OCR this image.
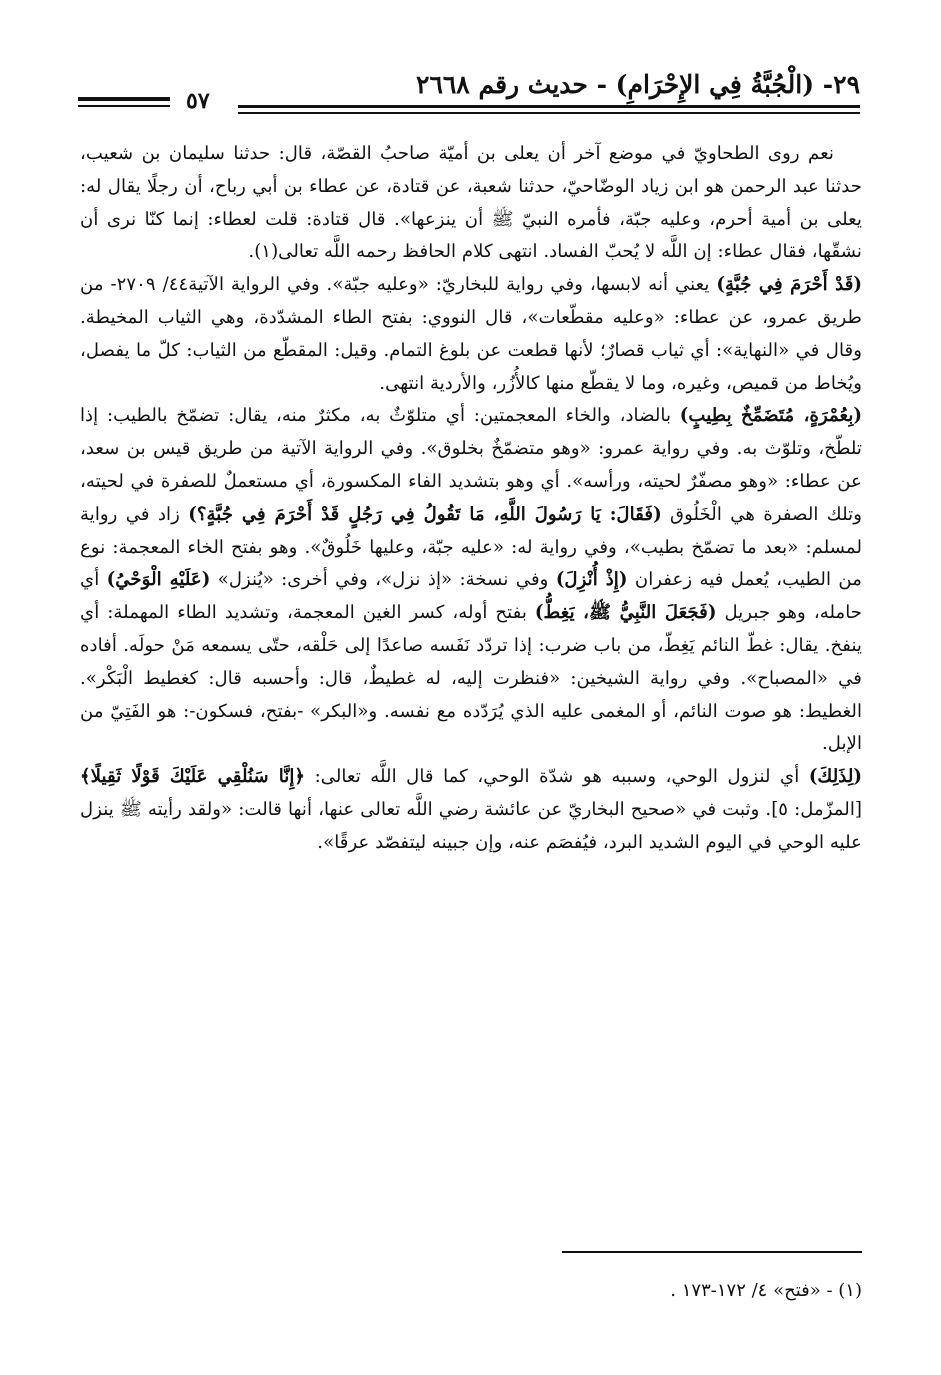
٢٩- (الْجُبَّةُ فِي الإِحْرَامِ) - حديث رقم ٢٦٦٨
٥٧

نعم روى الطحاويّ في موضع آخر أن يعلى بن أميّة صاحبُ القصّة، قال: حدثنا سليمان بن شعيب، حدثنا عبد الرحمن هو ابن زياد الوضّاحيّ، حدثنا شعبة، عن قتادة، عن عطاء بن أبي رباح، أن رجلًا يقال له: يعلى بن أمية أحرم، وعليه جبّة، فأمره النبيّ ﷺ أن ينزعها». قال قتادة: قلت لعطاء: إنما كنّا نرى أن نشقّها، فقال عطاء: إن اللَّه لا يُحبّ الفساد. انتهى كلام الحافظ رحمه اللَّه تعالى(١).

(قَدْ أَحْرَمَ فِي جُبَّةٍ) يعني أنه لابسها، وفي رواية للبخاريّ: «وعليه جبّة». وفي الرواية الآتية٤٤/ ٢٧٠٩- من طريق عمرو، عن عطاء: «وعليه مقطّعات»، قال النووي: بفتح الطاء المشدّدة، وهي الثياب المخيطة. وقال في «النهاية»: أي ثياب قصارٌ؛ لأنها قطعت عن بلوغ التمام. وقيل: المقطّع من الثياب: كلّ ما يفصل، ويُخاط من قميص، وغيره، وما لا يقطّع منها كالأُزُر، والأردية انتهى.

(بِعُمْرَةٍ، مُتَضَمِّخٌ بِطِيبٍ) بالضاد، والخاء المعجمتين: أي متلوّثٌ به، مكثرٌ منه، يقال: تضمّخ بالطيب: إذا تلطّخ، وتلوّث به. وفي رواية عمرو: «وهو متضمّخٌ بخلوق». وفي الرواية الآتية من طريق قيس بن سعد، عن عطاء: «وهو مصفّرٌ لحيته، ورأسه». أي وهو بتشديد الفاء المكسورة، أي مستعملٌ للصفرة في لحيته، وتلك الصفرة هي الْخَلُوق (فَقَالَ: يَا رَسُولَ اللَّهِ، مَا تَقُولُ فِي رَجُلٍ قَدْ أَحْرَمَ فِي جُبَّةٍ؟) زاد في رواية لمسلم: «بعد ما تضمّخ بطيب»، وفي رواية له: «عليه جبّة، وعليها خَلُوقٌ». وهو بفتح الخاء المعجمة: نوع من الطيب، يُعمل فيه زعفران (إِذْ أُنْزِلَ) وفي نسخة: «إذ نزل»، وفي أخرى: «يُنزل» (عَلَيْهِ الْوَحْيُ) أي حامله، وهو جبريل (فَجَعَلَ النَّبِيُّ ﷺ، يَغِطُّ) بفتح أوله، كسر الغين المعجمة، وتشديد الطاء المهملة: أي ينفخ. يقال: غطّ النائم يَغِطّ، من باب ضرب: إذا تردّد نَفَسه صاعدًا إلى حَلْقه، حتّى يسمعه مَنْ حولَه. أفاده في «المصباح». وفي رواية الشيخين: «فنظرت إليه، له غطيطٌ، قال: وأحسبه قال: كغطيط الْبَكْر». الغطيط: هو صوت النائم، أو المغمى عليه الذي يُرَدّده مع نفسه. و«البكر» -بفتح، فسكون-: هو الفَتِيّ من الإبل.

(لِذَلِكَ) أي لنزول الوحي، وسببه هو شدّة الوحي، كما قال اللَّه تعالى: ﴿إِنَّا سَنُلْقِي عَلَيْكَ قَوْلًا ثَقِيلًا﴾ [المزّمل: ٥]. وثبت في «صحيح البخاريّ عن عائشة رضي اللَّه تعالى عنها، أنها قالت: «ولقد رأيته ﷺ ينزل عليه الوحي في اليوم الشديد البرد، فيُفصَم عنه، وإن جبينه ليتفصّد عرقًا».

(١) - «فتح» ٤/ ١٧٢-١٧٣ .
